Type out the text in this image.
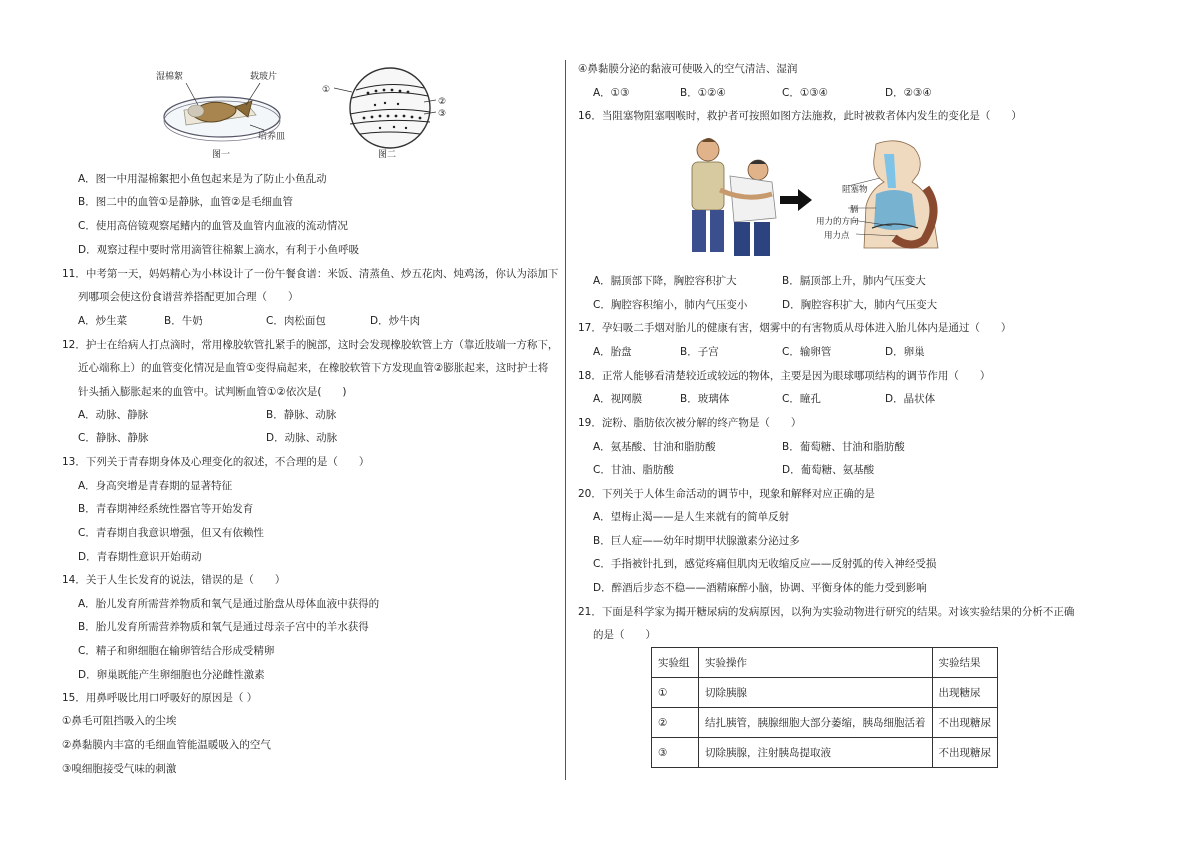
湿棉絮	载玻片
培养皿
图一
①
②
③
图二
A．图一中用湿棉絮把小鱼包起来是为了防止小鱼乱动
B．图二中的血管①是静脉，血管②是毛细血管
C．使用高倍镜观察尾鳍内的血管及血管内血液的流动情况
D．观察过程中要时常用滴管往棉絮上滴水，有利于小鱼呼吸
11．中考第一天，妈妈精心为小林设计了一份午餐食谱：米饭、清蒸鱼、炒五花肉、炖鸡汤，你认为添加下
列哪项会使这份食谱营养搭配更加合理（　　）
A．炒生菜	B．牛奶	C．肉松面包	D．炒牛肉
12．护士在给病人打点滴时，常用橡胶软管扎紧手的腕部，这时会发现橡胶软管上方（靠近肢端一方称下，
近心端称上）的血管变化情况是血管①变得扁起来，在橡胶软管下方发现血管②膨胀起来，这时护士将
针头插入膨胀起来的血管中。试判断血管①②依次是(　　)
A．动脉、静脉	B．静脉、动脉
C．静脉、静脉	D．动脉、动脉
13．下列关于青春期身体及心理变化的叙述，不合理的是（　　）
A．身高突增是青春期的显著特征
B．青春期神经系统性器官等开始发育
C．青春期自我意识增强，但又有依赖性
D．青春期性意识开始萌动
14．关于人生长发育的说法，错误的是（　　）
A．胎儿发育所需营养物质和氧气是通过胎盘从母体血液中获得的
B．胎儿发育所需营养物质和氧气是通过母亲子宫中的羊水获得
C．精子和卵细胞在输卵管结合形成受精卵
D．卵巢既能产生卵细胞也分泌雌性激素
15．用鼻呼吸比用口呼吸好的原因是（ ）
①鼻毛可阻挡吸入的尘埃
②鼻黏膜内丰富的毛细血管能温暖吸入的空气
③嗅细胞接受气味的刺激
④鼻黏膜分泌的黏液可使吸入的空气清洁、湿润
A．①③	B．①②④	C．①③④	D．②③④
16．当阻塞物阻塞咽喉时，救护者可按照如图方法施救，此时被救者体内发生的变化是（　　）
阻塞物
膈
用力的方向
用力点
A．膈顶部下降，胸腔容积扩大	B．膈顶部上升，肺内气压变大
C．胸腔容积缩小，肺内气压变小	D．胸腔容积扩大，肺内气压变大
17．孕妇吸二手烟对胎儿的健康有害，烟雾中的有害物质从母体进入胎儿体内是通过（　　）
A．胎盘	B．子宫	C．输卵管	D．卵巢
18．正常人能够看清楚较近或较远的物体，主要是因为眼球哪项结构的调节作用（　　）
A．视网膜	B．玻璃体	C．瞳孔	D．晶状体
19．淀粉、脂肪依次被分解的终产物是（　　）
A．氨基酸、甘油和脂肪酸	B．葡萄糖、甘油和脂肪酸
C．甘油、脂肪酸	D．葡萄糖、氨基酸
20．下列关于人体生命活动的调节中，现象和解释对应正确的是
A．望梅止渴——是人生来就有的简单反射
B．巨人症——幼年时期甲状腺激素分泌过多
C．手指被针扎到，感觉疼痛但肌肉无收缩反应——反射弧的传入神经受损
D．醉酒后步态不稳——酒精麻醉小脑，协调、平衡身体的能力受到影响
21．下面是科学家为揭开糖尿病的发病原因，以狗为实验动物进行研究的结果。对该实验结果的分析不正确
的是（　　）
实验组	实验操作	实验结果
①	切除胰腺	出现糖尿
②	结扎胰管，胰腺细胞大部分萎缩，胰岛细胞活着	不出现糖尿
③	切除胰腺，注射胰岛提取液	不出现糖尿
